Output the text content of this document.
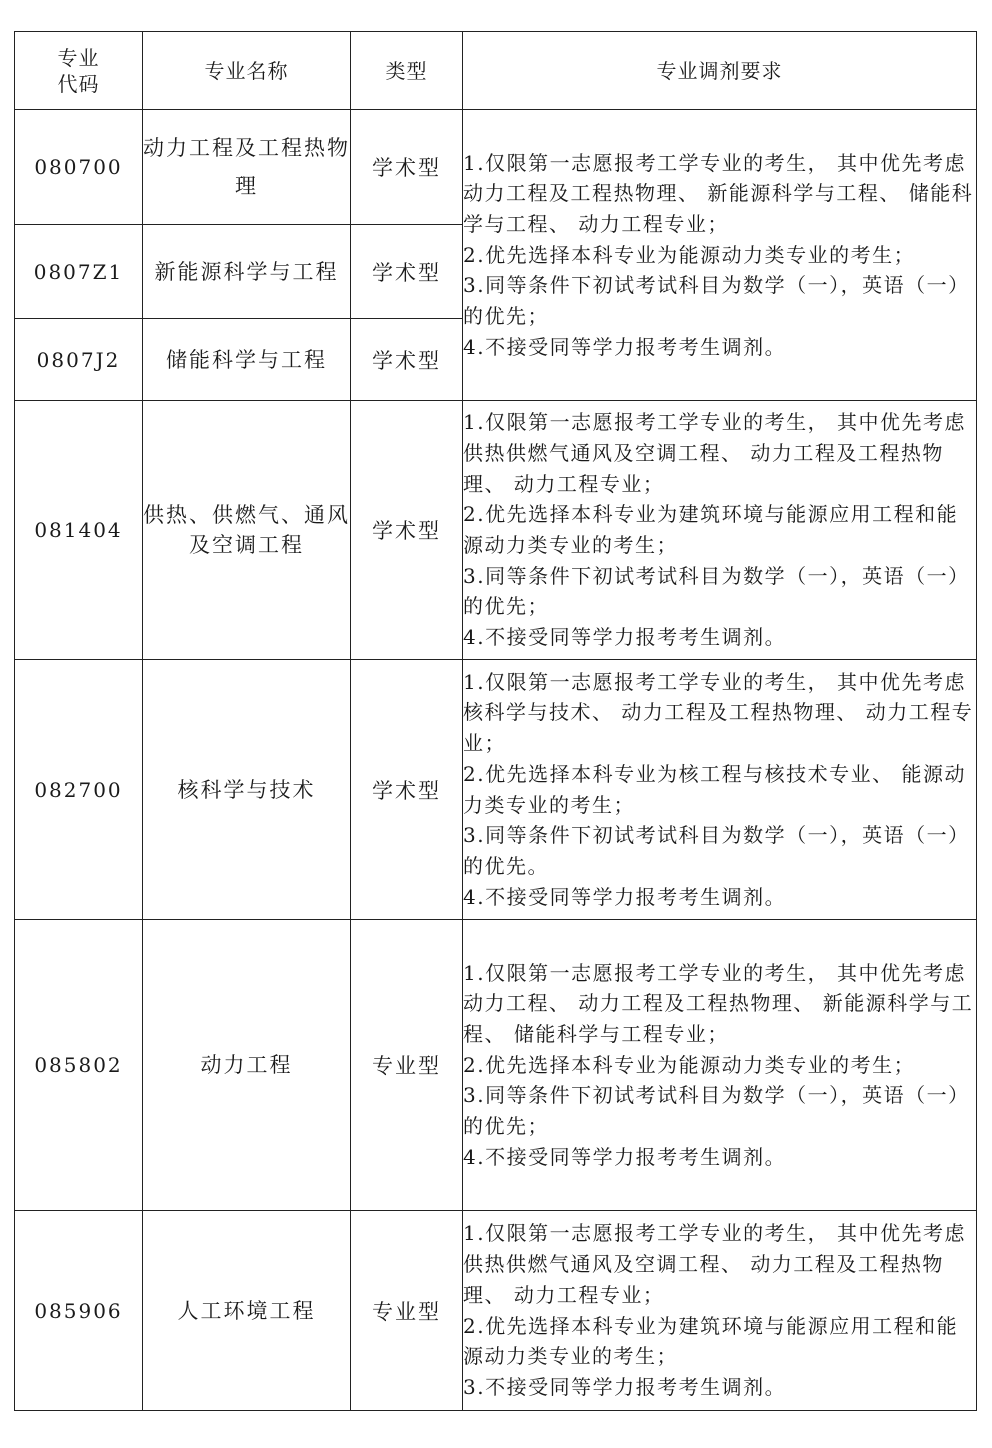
专业
代码	专业名称	类型	专业调剂要求
080700	动力工程及工程热物理	学术型	1.仅限第一志愿报考工学专业的考生， 其中优先考虑动力工程及工程热物理、 新能源科学与工程、 储能科学与工程、 动力工程专业；
2.优先选择本科专业为能源动力类专业的考生；
3.同等条件下初试考试科目为数学（一），英语（一）的优先；
4.不接受同等学力报考考生调剂。

0807Z1	新能源科学与工程	学术型	
0807J2	储能科学与工程	学术型	
081404	供热、供燃气、通风及空调工程	学术型	1.仅限第一志愿报考工学专业的考生， 其中优先考虑供热供燃气通风及空调工程、 动力工程及工程热物理、 动力工程专业；
2.优先选择本科专业为建筑环境与能源应用工程和能源动力类专业的考生；
3.同等条件下初试考试科目为数学（一），英语（一） 的优先；
4.不接受同等学力报考考生调剂。

082700	核科学与技术	学术型	1.仅限第一志愿报考工学专业的考生， 其中优先考虑核科学与技术、 动力工程及工程热物理、 动力工程专业；
2.优先选择本科专业为核工程与核技术专业、 能源动力类专业的考生；
3.同等条件下初试考试科目为数学（一），英语（一） 的优先。
4.不接受同等学力报考考生调剂。

085802	动力工程	专业型	1.仅限第一志愿报考工学专业的考生， 其中优先考虑动力工程、 动力工程及工程热物理、 新能源科学与工程、 储能科学与工程专业；
2.优先选择本科专业为能源动力类专业的考生；
3.同等条件下初试考试科目为数学（一），英语（一） 的优先；
4.不接受同等学力报考考生调剂。

085906	人工环境工程	专业型	1.仅限第一志愿报考工学专业的考生， 其中优先考虑供热供燃气通风及空调工程、 动力工程及工程热物理、 动力工程专业；
2.优先选择本科专业为建筑环境与能源应用工程和能源动力类专业的考生；
3.不接受同等学力报考考生调剂。
